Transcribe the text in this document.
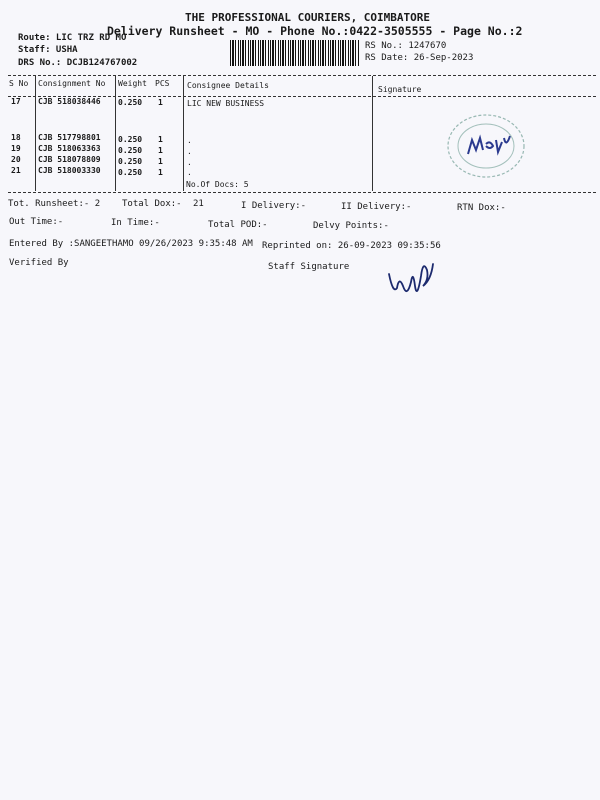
THE PROFESSIONAL COURIERS, COIMBATORE
Delivery Runsheet - MO - Phone No.:0422-3505555 - Page No.:2
Route: LIC TRZ RD MO
Staff: USHA
DRS No.: DCJB124767002
RS No.: 1247670
RS Date: 26-Sep-2023
S No Consignment No Weight PCS Consignee Details	Signature
17 CJB 518038446 0.250 1	LIC NEW BUSINESS
18 CJB 517798801 0.250 1	.
19 CJB 518063363 0.250 1	.
20 CJB 518078809 0.250 1	.
21 CJB 518003330 0.250 1	.
No.Of Docs: 5
Tot. Runsheet:- 2 Total Dox:- 21	I Delivery:-	II Delivery:-	RTN Dox:-
Out Time:-	In Time:-	Total POD:-	Delvy Points:-
Entered By :SANGEETHAMO 09/26/2023 9:35:48 AM Reprinted on: 26-09-2023 09:35:56
Verified By	Staff Signature
